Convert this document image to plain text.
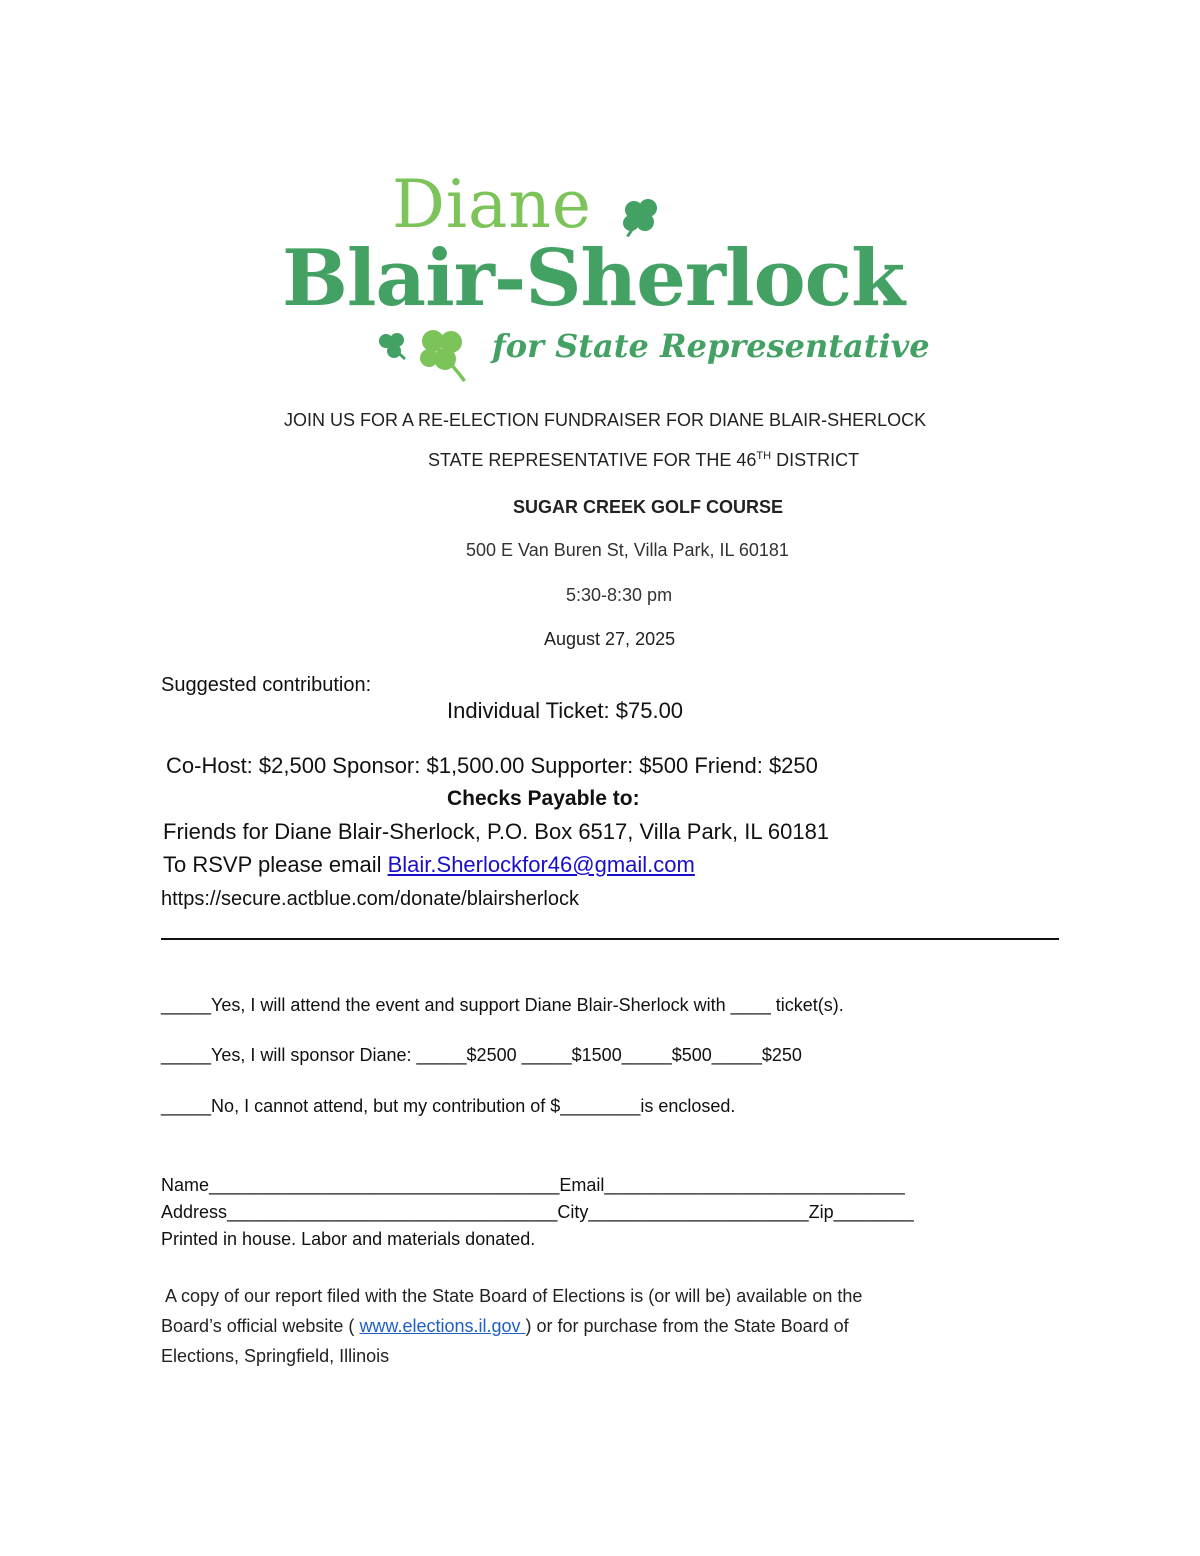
Diane
Blair-Sherlock
for State Representative
JOIN US FOR A RE-ELECTION FUNDRAISER FOR DIANE BLAIR-SHERLOCK
STATE REPRESENTATIVE FOR THE 46TH DISTRICT
SUGAR CREEK GOLF COURSE
500 E Van Buren St, Villa Park, IL 60181
5:30-8:30 pm
August 27, 2025
Suggested contribution:
Individual Ticket: $75.00
Co-Host: $2,500 Sponsor: $1,500.00 Supporter: $500 Friend: $250
Checks Payable to:
Friends for Diane Blair-Sherlock, P.O. Box 6517, Villa Park, IL 60181
To RSVP please email Blair.Sherlockfor46@gmail.com
https://secure.actblue.com/donate/blairsherlock
_____Yes, I will attend the event and support Diane Blair-Sherlock with ____ ticket(s).
_____Yes, I will sponsor Diane: _____$2500 _____$1500_____$500_____$250
_____No, I cannot attend, but my contribution of $________is enclosed.
Name___________________________________Email______________________________
Address_________________________________City______________________Zip________
Printed in house. Labor and materials donated.
A copy of our report filed with the State Board of Elections is (or will be) available on the
Board’s official website ( www.elections.il.gov ) or for purchase from the State Board of
Elections, Springfield, Illinois
